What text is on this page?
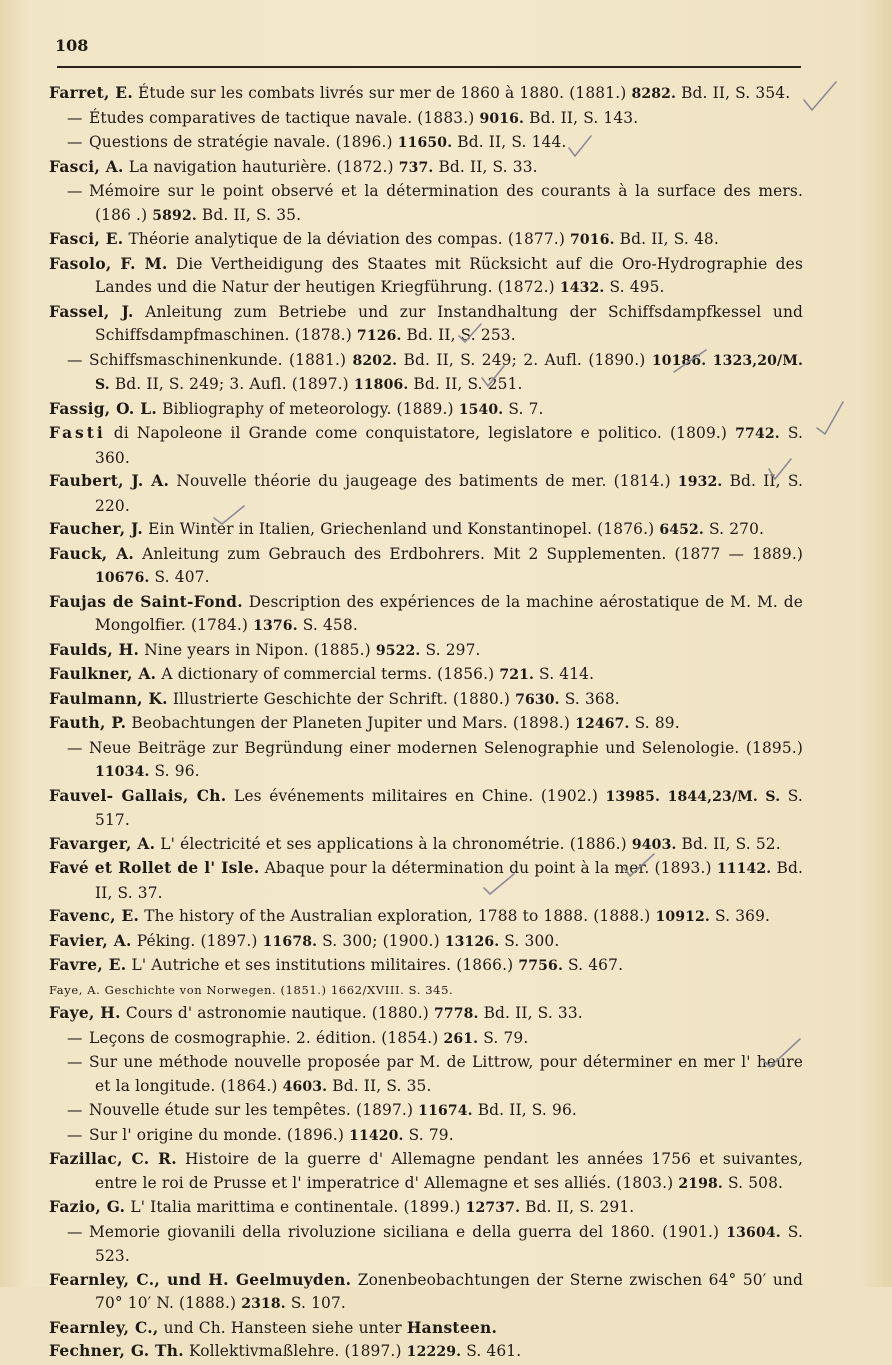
108
Farret, E. Étude sur les combats livrés sur mer de 1860 à 1880. (1881.) 8282. Bd. II, S. 354.
— Études comparatives de tactique navale. (1883.) 9016. Bd. II, S. 143.
— Questions de stratégie navale. (1896.) 11650. Bd. II, S. 144.
Fasci, A. La navigation hauturière. (1872.) 737. Bd. II, S. 33.
— Mémoire sur le point observé et la détermination des courants à la surface des mers. (186 .) 5892. Bd. II, S. 35.
Fasci, E. Théorie analytique de la déviation des compas. (1877.) 7016. Bd. II, S. 48.
Fasolo, F. M. Die Vertheidigung des Staates mit Rücksicht auf die Oro-Hydrographie des Landes und die Natur der heutigen Kriegführung. (1872.) 1432. S. 495.
Fassel, J. Anleitung zum Betriebe und zur Instandhaltung der Schiffsdampfkessel und Schiffsdampfmaschinen. (1878.) 7126. Bd. II, S. 253.
— Schiffsmaschinenkunde. (1881.) 8202. Bd. II, S. 249; 2. Aufl. (1890.) 10186. 1323,20/M. S. Bd. II, S. 249; 3. Aufl. (1897.) 11806. Bd. II, S. 251.
Fassig, O. L. Bibliography of meteorology. (1889.) 1540. S. 7.
Fasti di Napoleone il Grande come conquistatore, legislatore e politico. (1809.) 7742. S. 360.
Faubert, J. A. Nouvelle théorie du jaugeage des batiments de mer. (1814.) 1932. Bd. II, S. 220.
Faucher, J. Ein Winter in Italien, Griechenland und Konstantinopel. (1876.) 6452. S. 270.
Fauck, A. Anleitung zum Gebrauch des Erdbohrers. Mit 2 Supplementen. (1877 — 1889.) 10676. S. 407.
Faujas de Saint-Fond. Description des expériences de la machine aérostatique de M. M. de Mongolfier. (1784.) 1376. S. 458.
Faulds, H. Nine years in Nipon. (1885.) 9522. S. 297.
Faulkner, A. A dictionary of commercial terms. (1856.) 721. S. 414.
Faulmann, K. Illustrierte Geschichte der Schrift. (1880.) 7630. S. 368.
Fauth, P. Beobachtungen der Planeten Jupiter und Mars. (1898.) 12467. S. 89.
— Neue Beiträge zur Begründung einer modernen Selenographie und Selenologie. (1895.) 11034. S. 96.
Fauvel- Gallais, Ch. Les événements militaires en Chine. (1902.) 13985. 1844,23/M. S. S. 517.
Favarger, A. L' électricité et ses applications à la chronométrie. (1886.) 9403. Bd. II, S. 52.
Favé et Rollet de l' Isle. Abaque pour la détermination du point à la mer. (1893.) 11142. Bd. II, S. 37.
Favenc, E. The history of the Australian exploration, 1788 to 1888. (1888.) 10912. S. 369.
Favier, A. Péking. (1897.) 11678. S. 300; (1900.) 13126. S. 300.
Favre, E. L' Autriche et ses institutions militaires. (1866.) 7756. S. 467.
Faye, A. Geschichte von Norwegen. (1851.) 1662/XVIII. S. 345.
Faye, H. Cours d' astronomie nautique. (1880.) 7778. Bd. II, S. 33.
— Leçons de cosmographie. 2. édition. (1854.) 261. S. 79.
— Sur une méthode nouvelle proposée par M. de Littrow, pour déterminer en mer l' heure et la longitude. (1864.) 4603. Bd. II, S. 35.
— Nouvelle étude sur les tempêtes. (1897.) 11674. Bd. II, S. 96.
— Sur l' origine du monde. (1896.) 11420. S. 79.
Fazillac, C. R. Histoire de la guerre d' Allemagne pendant les années 1756 et suivantes, entre le roi de Prusse et l' imperatrice d' Allemagne et ses alliés. (1803.) 2198. S. 508.
Fazio, G. L' Italia marittima e continentale. (1899.) 12737. Bd. II, S. 291.
— Memorie giovanili della rivoluzione siciliana e della guerra del 1860. (1901.) 13604. S. 523.
Fearnley, C., und H. Geelmuyden. Zonenbeobachtungen der Sterne zwischen 64° 50′ und 70° 10′ N. (1888.) 2318. S. 107.
Fearnley, C., und Ch. Hansteen siehe unter Hansteen.
Fechner, G. Th. Kollektivmaßlehre. (1897.) 12229. S. 461.
